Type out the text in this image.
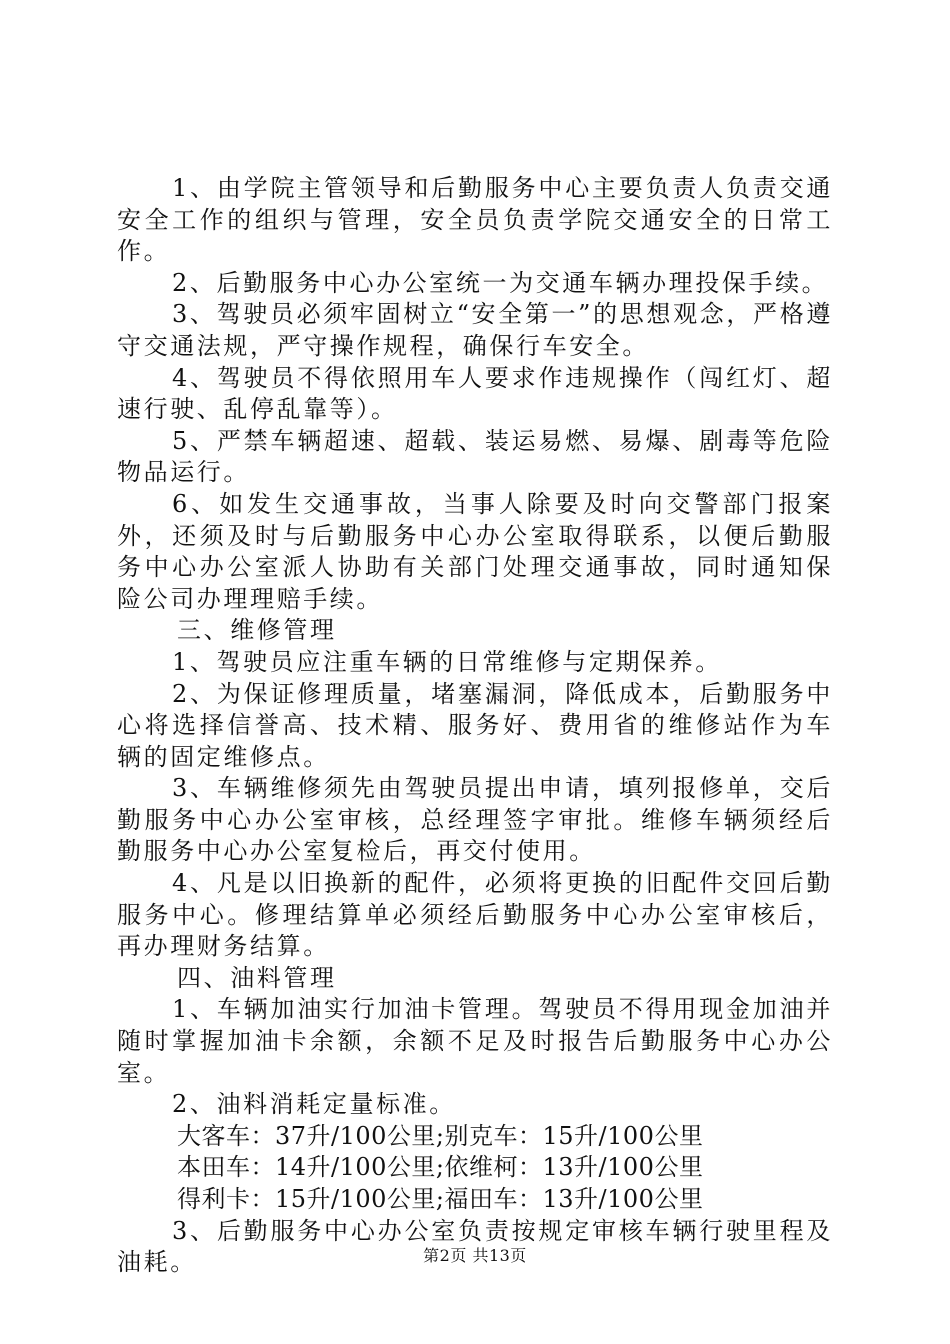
1、由学院主管领导和后勤服务中心主要负责人负责交通安全工作的组织与管理，安全员负责学院交通安全的日常工作。

2、后勤服务中心办公室统一为交通车辆办理投保手续。

3、驾驶员必须牢固树立“安全第一”的思想观念，严格遵守交通法规，严守操作规程，确保行车安全。

4、驾驶员不得依照用车人要求作违规操作（闯红灯、超速行驶、乱停乱靠等）。

5、严禁车辆超速、超载、装运易燃、易爆、剧毒等危险物品运行。

6、如发生交通事故，当事人除要及时向交警部门报案外，还须及时与后勤服务中心办公室取得联系，以便后勤服务中心办公室派人协助有关部门处理交通事故，同时通知保险公司办理理赔手续。

三、维修管理

1、驾驶员应注重车辆的日常维修与定期保养。

2、为保证修理质量，堵塞漏洞，降低成本，后勤服务中心将选择信誉高、技术精、服务好、费用省的维修站作为车辆的固定维修点。

3、车辆维修须先由驾驶员提出申请，填列报修单，交后勤服务中心办公室审核，总经理签字审批。维修车辆须经后勤服务中心办公室复检后，再交付使用。

4、凡是以旧换新的配件，必须将更换的旧配件交回后勤服务中心。修理结算单必须经后勤服务中心办公室审核后，再办理财务结算。

四、油料管理

1、车辆加油实行加油卡管理。驾驶员不得用现金加油并随时掌握加油卡余额，余额不足及时报告后勤服务中心办公室。

2、油料消耗定量标准。

大客车：37升/100公里;别克车：15升/100公里

本田车：14升/100公里;依维柯：13升/100公里

得利卡：15升/100公里;福田车：13升/100公里

3、后勤服务中心办公室负责按规定审核车辆行驶里程及油耗。	第2页 共13页
